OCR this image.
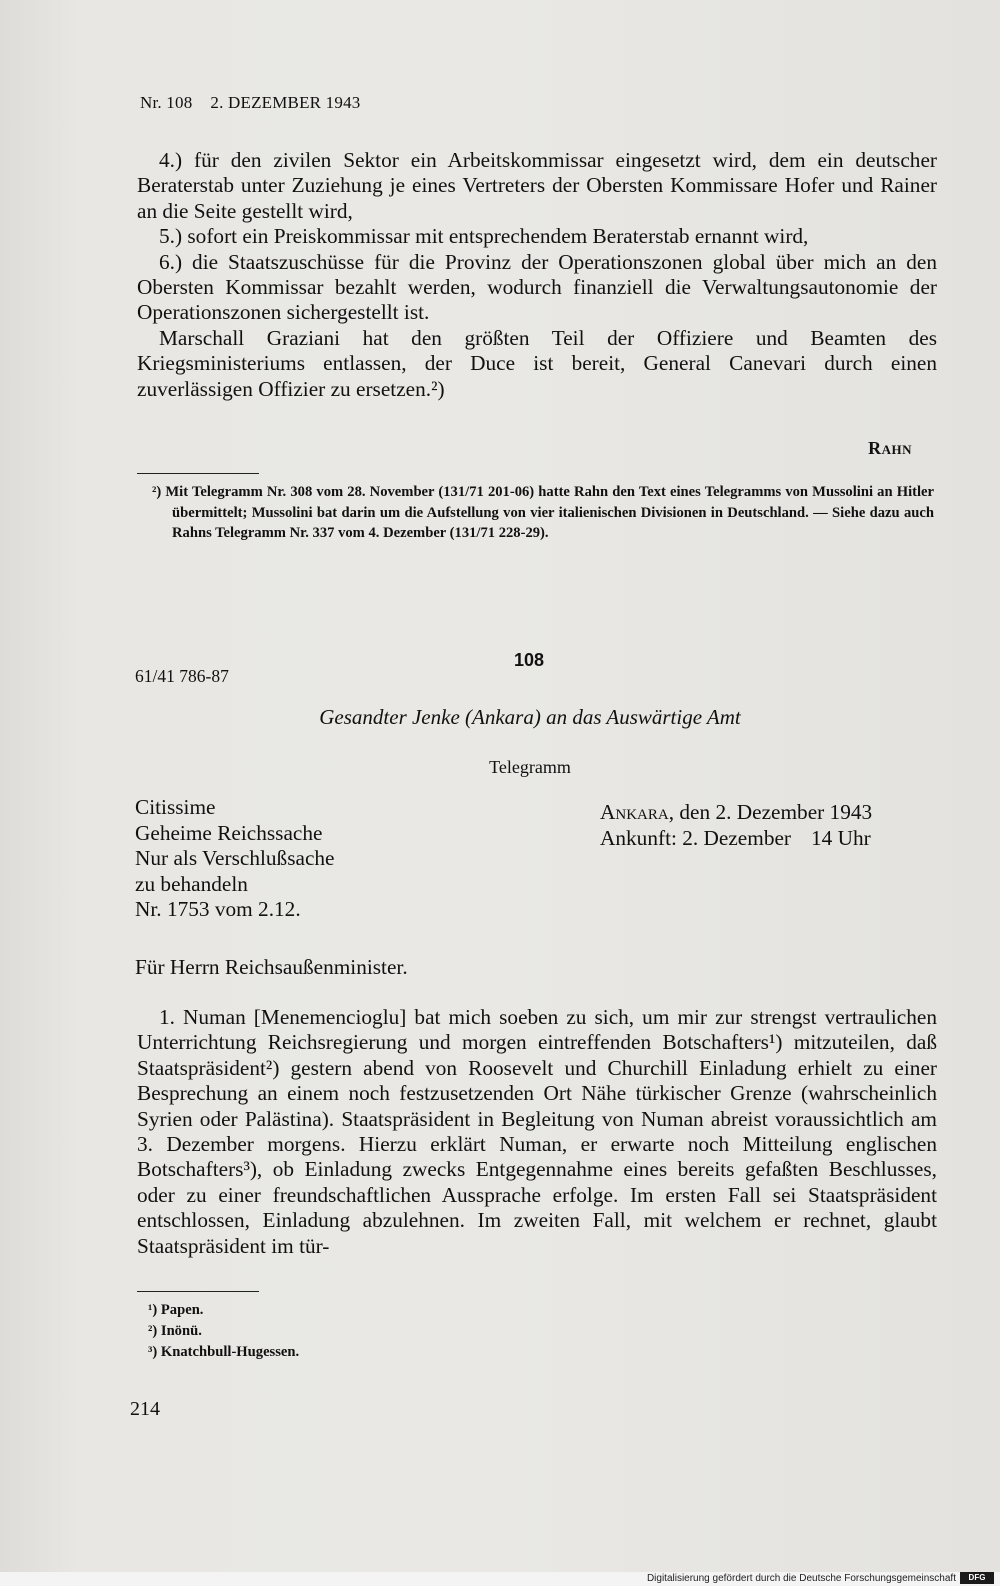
Nr. 108 2. DEZEMBER 1943

4.) für den zivilen Sektor ein Arbeitskommissar eingesetzt wird, dem ein deutscher Beraterstab unter Zuziehung je eines Vertreters der Obersten Kommissare Hofer und Rainer an die Seite gestellt wird,

5.) sofort ein Preiskommissar mit entsprechendem Beraterstab ernannt wird,

6.) die Staatszuschüsse für die Provinz der Operationszonen global über mich an den Obersten Kommissar bezahlt werden, wodurch finanziell die Verwaltungsautonomie der Operationszonen sichergestellt ist.

Marschall Graziani hat den größten Teil der Offiziere und Beamten des Kriegsministeriums entlassen, der Duce ist bereit, General Canevari durch einen zuverlässigen Offizier zu ersetzen.²)

Rahn

²) Mit Telegramm Nr. 308 vom 28. November (131/71 201-06) hatte Rahn den Text eines Telegramms von Mussolini an Hitler übermittelt; Mussolini bat darin um die Aufstellung von vier italienischen Divisionen in Deutschland. — Siehe dazu auch Rahns Telegramm Nr. 337 vom 4. Dezember (131/71 228-29).

108
61/41 786-87
Gesandter Jenke (Ankara) an das Auswärtige Amt
Telegramm
Citissime
Geheime Reichssache
Nur als Verschlußsache
zu behandeln
Nr. 1753 vom 2.12.
Ankara, den 2. Dezember 1943
Ankunft: 2. Dezember 14 Uhr
Für Herrn Reichsaußenminister.

1. Numan [Menemencioglu] bat mich soeben zu sich, um mir zur strengst vertraulichen Unterrichtung Reichsregierung und morgen eintreffenden Botschafters¹) mitzuteilen, daß Staatspräsident²) gestern abend von Roosevelt und Churchill Einladung erhielt zu einer Besprechung an einem noch festzusetzenden Ort Nähe türkischer Grenze (wahrscheinlich Syrien oder Palästina). Staatspräsident in Begleitung von Numan abreist voraussichtlich am 3. Dezember morgens. Hierzu erklärt Numan, er erwarte noch Mitteilung englischen Botschafters³), ob Einladung zwecks Entgegennahme eines bereits gefaßten Beschlusses, oder zu einer freundschaftlichen Aussprache erfolge. Im ersten Fall sei Staatspräsident entschlossen, Einladung abzulehnen. Im zweiten Fall, mit welchem er rechnet, glaubt Staatspräsident im tür-

¹) Papen.

²) Inönü.

³) Knatchbull-Hugessen.

214
Digitalisierung gefördert durch die Deutsche Forschungsgemeinschaft	DFG
